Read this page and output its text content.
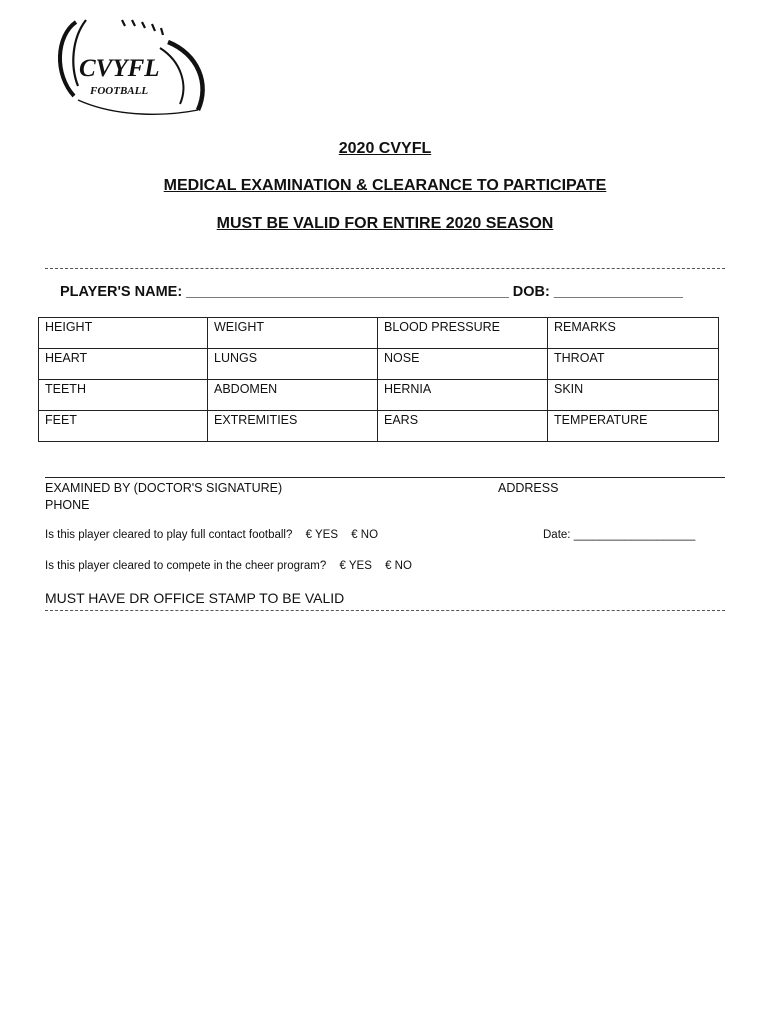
CVYFL
FOOTBALL
2020 CVYFL
MEDICAL EXAMINATION & CLEARANCE TO PARTICIPATE
MUST BE VALID FOR ENTIRE 2020 SEASON
PLAYER'S NAME: ________________________________________ DOB: ________________
HEIGHT	WEIGHT	BLOOD PRESSURE	REMARKS
HEART	LUNGS	NOSE	THROAT
TEETH	ABDOMEN	HERNIA	SKIN
FEET	EXTREMITIES	EARS	TEMPERATURE
EXAMINED BY (DOCTOR'S SIGNATURE)	ADDRESS
PHONE
Is this player cleared to play full contact football? € YES € NO	Date: ___________________
Is this player cleared to compete in the cheer program? € YES € NO
MUST HAVE DR OFFICE STAMP TO BE VALID
